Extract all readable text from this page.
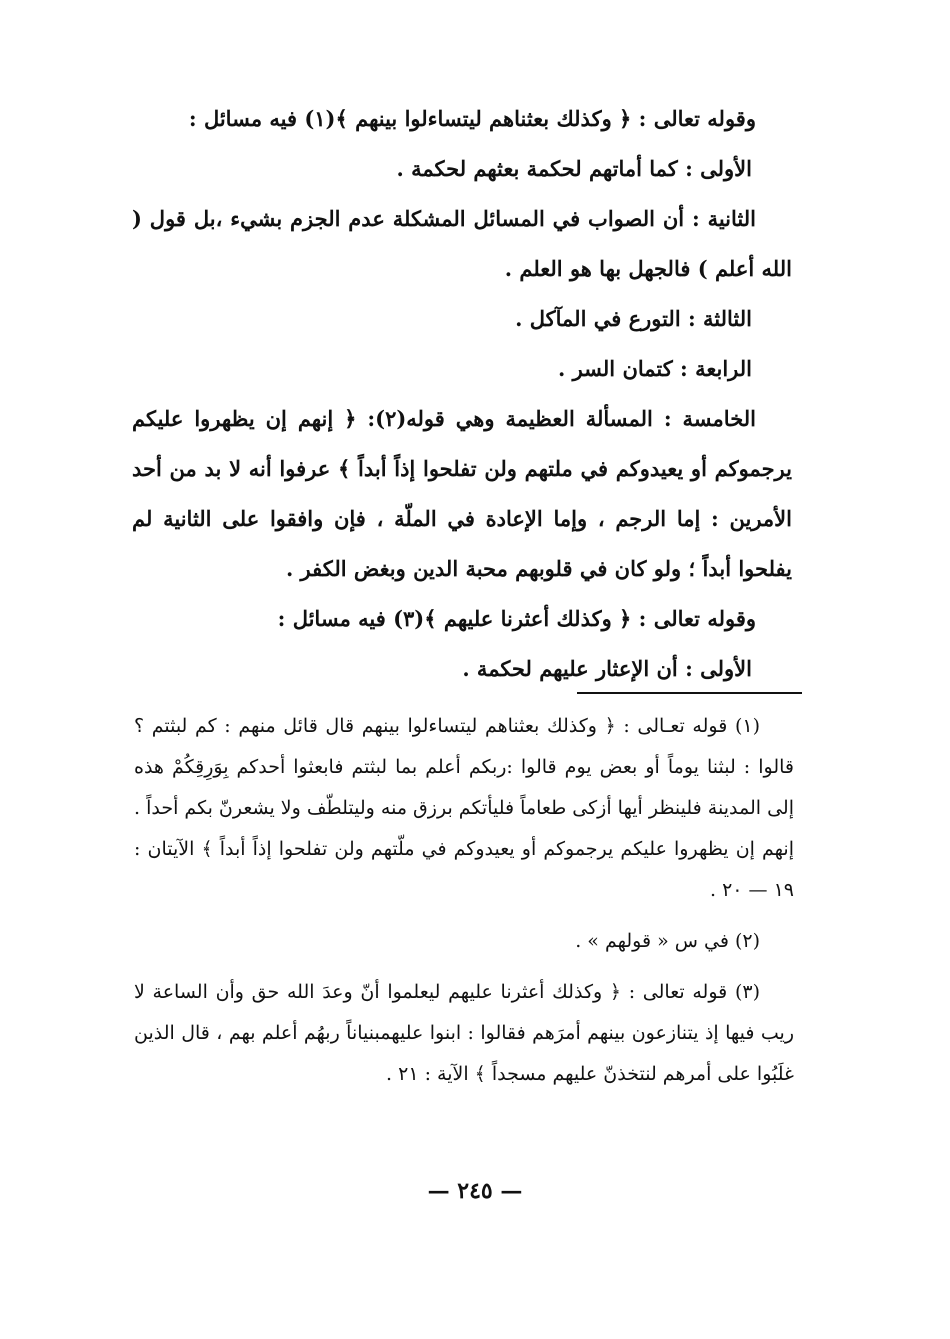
وقوله تعالى : ﴿ وكذلك بعثناهم ليتساءلوا بينهم ﴾(١) فيه مسائل :

الأولى : كما أماتهم لحكمة بعثهم لحكمة .

الثانية : أن الصواب في المسائل المشكلة عدم الجزم بشيء ،بل قول ( الله أعلم ) فالجهل بها هو العلم .

الثالثة : التورع في المآكل .

الرابعة : كتمان السر .

الخامسة : المسألة العظيمة وهي قوله(٢): ﴿ إنهم إن يظهروا عليكم يرجموكم أو يعيدوكم في ملتهم ولن تفلحوا إذاً أبداً ﴾ عرفوا أنه لا بد من أحد الأمرين : إما الرجم ، وإما الإعادة في الملّة ، فإن وافقوا على الثانية لم يفلحوا أبداً ؛ ولو كان في قلوبهم محبة الدين وبغض الكفر .

وقوله تعالى : ﴿ وكذلك أعثرنا عليهم ﴾(٣) فيه مسائل :

الأولى : أن الإعثار عليهم لحكمة .

(١) قوله تعـالى : ﴿ وكذلك بعثناهم ليتساءلوا بينهم قال قائل منهم : كم لبثتم ؟قالوا : لبثنا يوماً أو بعض يوم قالوا :ربكم أعلم بما لبثتم فابعثوا أحدكم بِوَرِقِكُمْ هذه إلى المدينة فلينظر أيها أزكى طعاماً فليأتكم برزق منه وليتلطّف ولا يشعرنّ بكم أحداً . إنهم إن يظهروا عليكم يرجموكم أو يعيدوكم في ملّتهم ولن تفلحوا إذاً أبداً ﴾ الآيتان : ١٩ — ٢٠ .

(٢) في س « قولهم » .

(٣) قوله تعالى : ﴿ وكذلك أعثرنا عليهم ليعلموا أنّ وعدَ الله حق وأن الساعة لا ريب فيها إذ يتنازعون بينهم أمرَهم فقالوا : ابنوا عليهمبنياناً ربهُم أعلم بهم ، قال الذين غلَبُوا على أمرهم لنتخذنّ عليهم مسجداً ﴾ الآية : ٢١ .

— ٢٤٥ —
